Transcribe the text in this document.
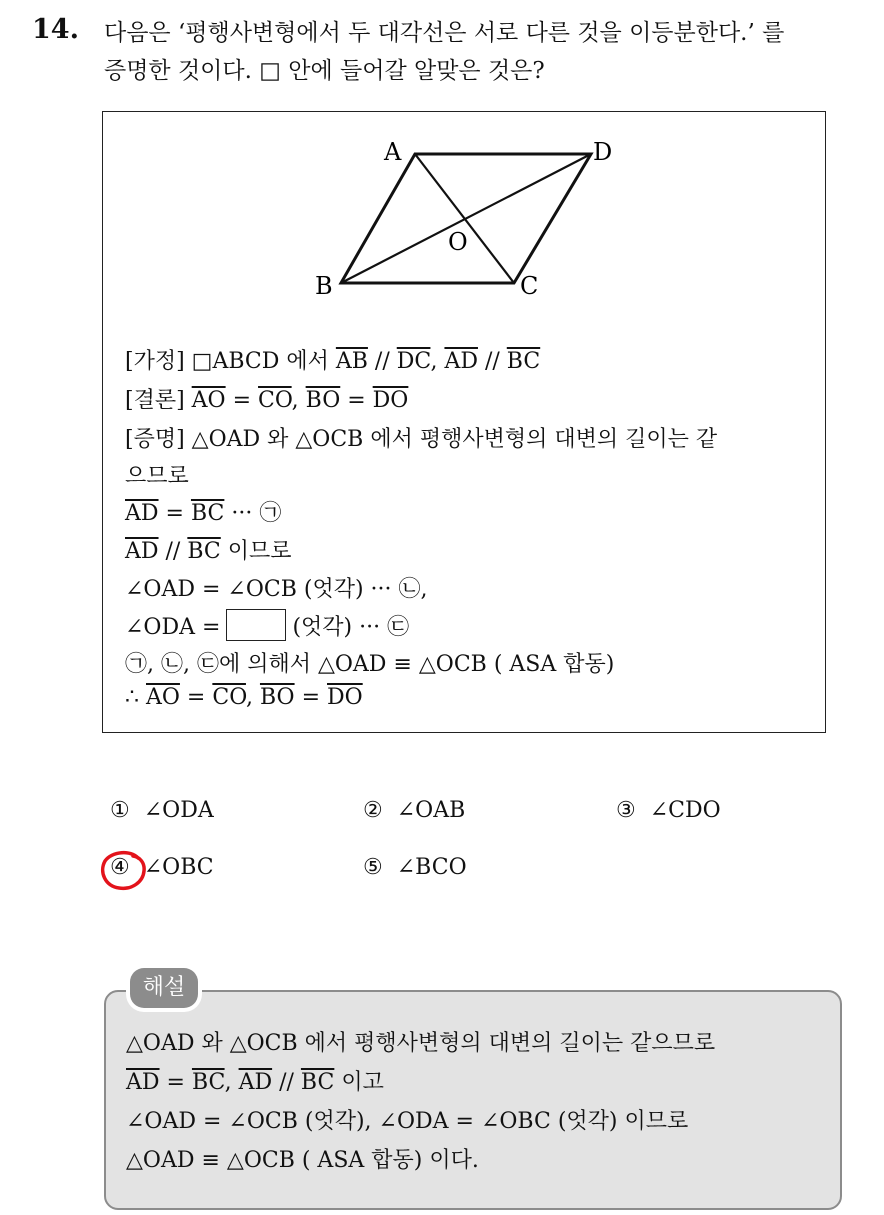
14. 다음은 ‘평행사변형에서 두 대각선은 서로 다른 것을 이등분한다.’ 를
증명한 것이다. □ 안에 들어갈 알맞은 것은?
A	D
B	C
O
[가정] □ABCD 에서 $\overline{AB} // \overline{DC}$, $\overline{AD} // \overline{BC}$
[결론] $\overline{AO} = \overline{CO}$, $\overline{BO} = \overline{DO}$
[증명] △OAD 와 △OCB 에서 평행사변형의 대변의 길이는 같
으므로
$\overline{AD} = \overline{BC}$ ··· ㉠
$\overline{AD} // \overline{BC}$ 이므로
∠OAD = ∠OCB (엇각) ··· ㉡,
∠ODA =	(엇각) ··· ㉢
㉠, ㉡, ㉢에 의해서 △OAD ≡ △OCB ( ASA 합동)
∴ $\overline{AO} = \overline{CO}$, $\overline{BO} = \overline{DO}$
① ∠ODA	② ∠OAB	③ ∠CDO
④ ∠OBC	⑤ ∠BCO
해설
△OAD 와 △OCB 에서 평행사변형의 대변의 길이는 같으므로
$\overline{AD} = \overline{BC}$, $\overline{AD} // \overline{BC}$ 이고
∠OAD = ∠OCB (엇각), ∠ODA = ∠OBC (엇각) 이므로
△OAD ≡ △OCB ( ASA 합동) 이다.
